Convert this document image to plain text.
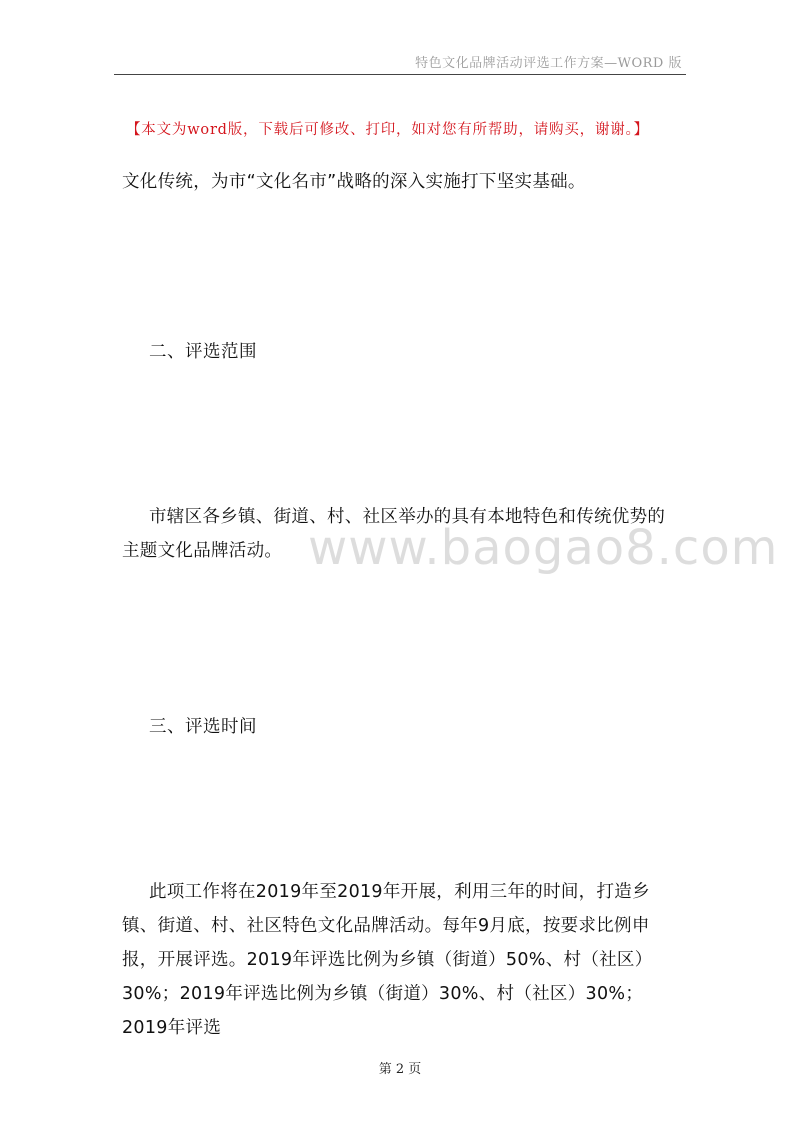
特色文化品牌活动评选工作方案—WORD 版
【本文为word版，下载后可修改、打印，如对您有所帮助，请购买，谢谢。】

文化传统，为市“文化名市”战略的深入实施打下坚实基础。

二、评选范围

市辖区各乡镇、街道、村、社区举办的具有本地特色和传统优势的主题文化品牌活动。

三、评选时间

此项工作将在2019年至2019年开展，利用三年的时间，打造乡镇、街道、村、社区特色文化品牌活动。每年9月底，按要求比例申报，开展评选。2019年评选比例为乡镇（街道）50%、村（社区）30%；2019年评选比例为乡镇（街道）30%、村（社区）30%；2019年评选

www.baogao8.com
第 2 页
